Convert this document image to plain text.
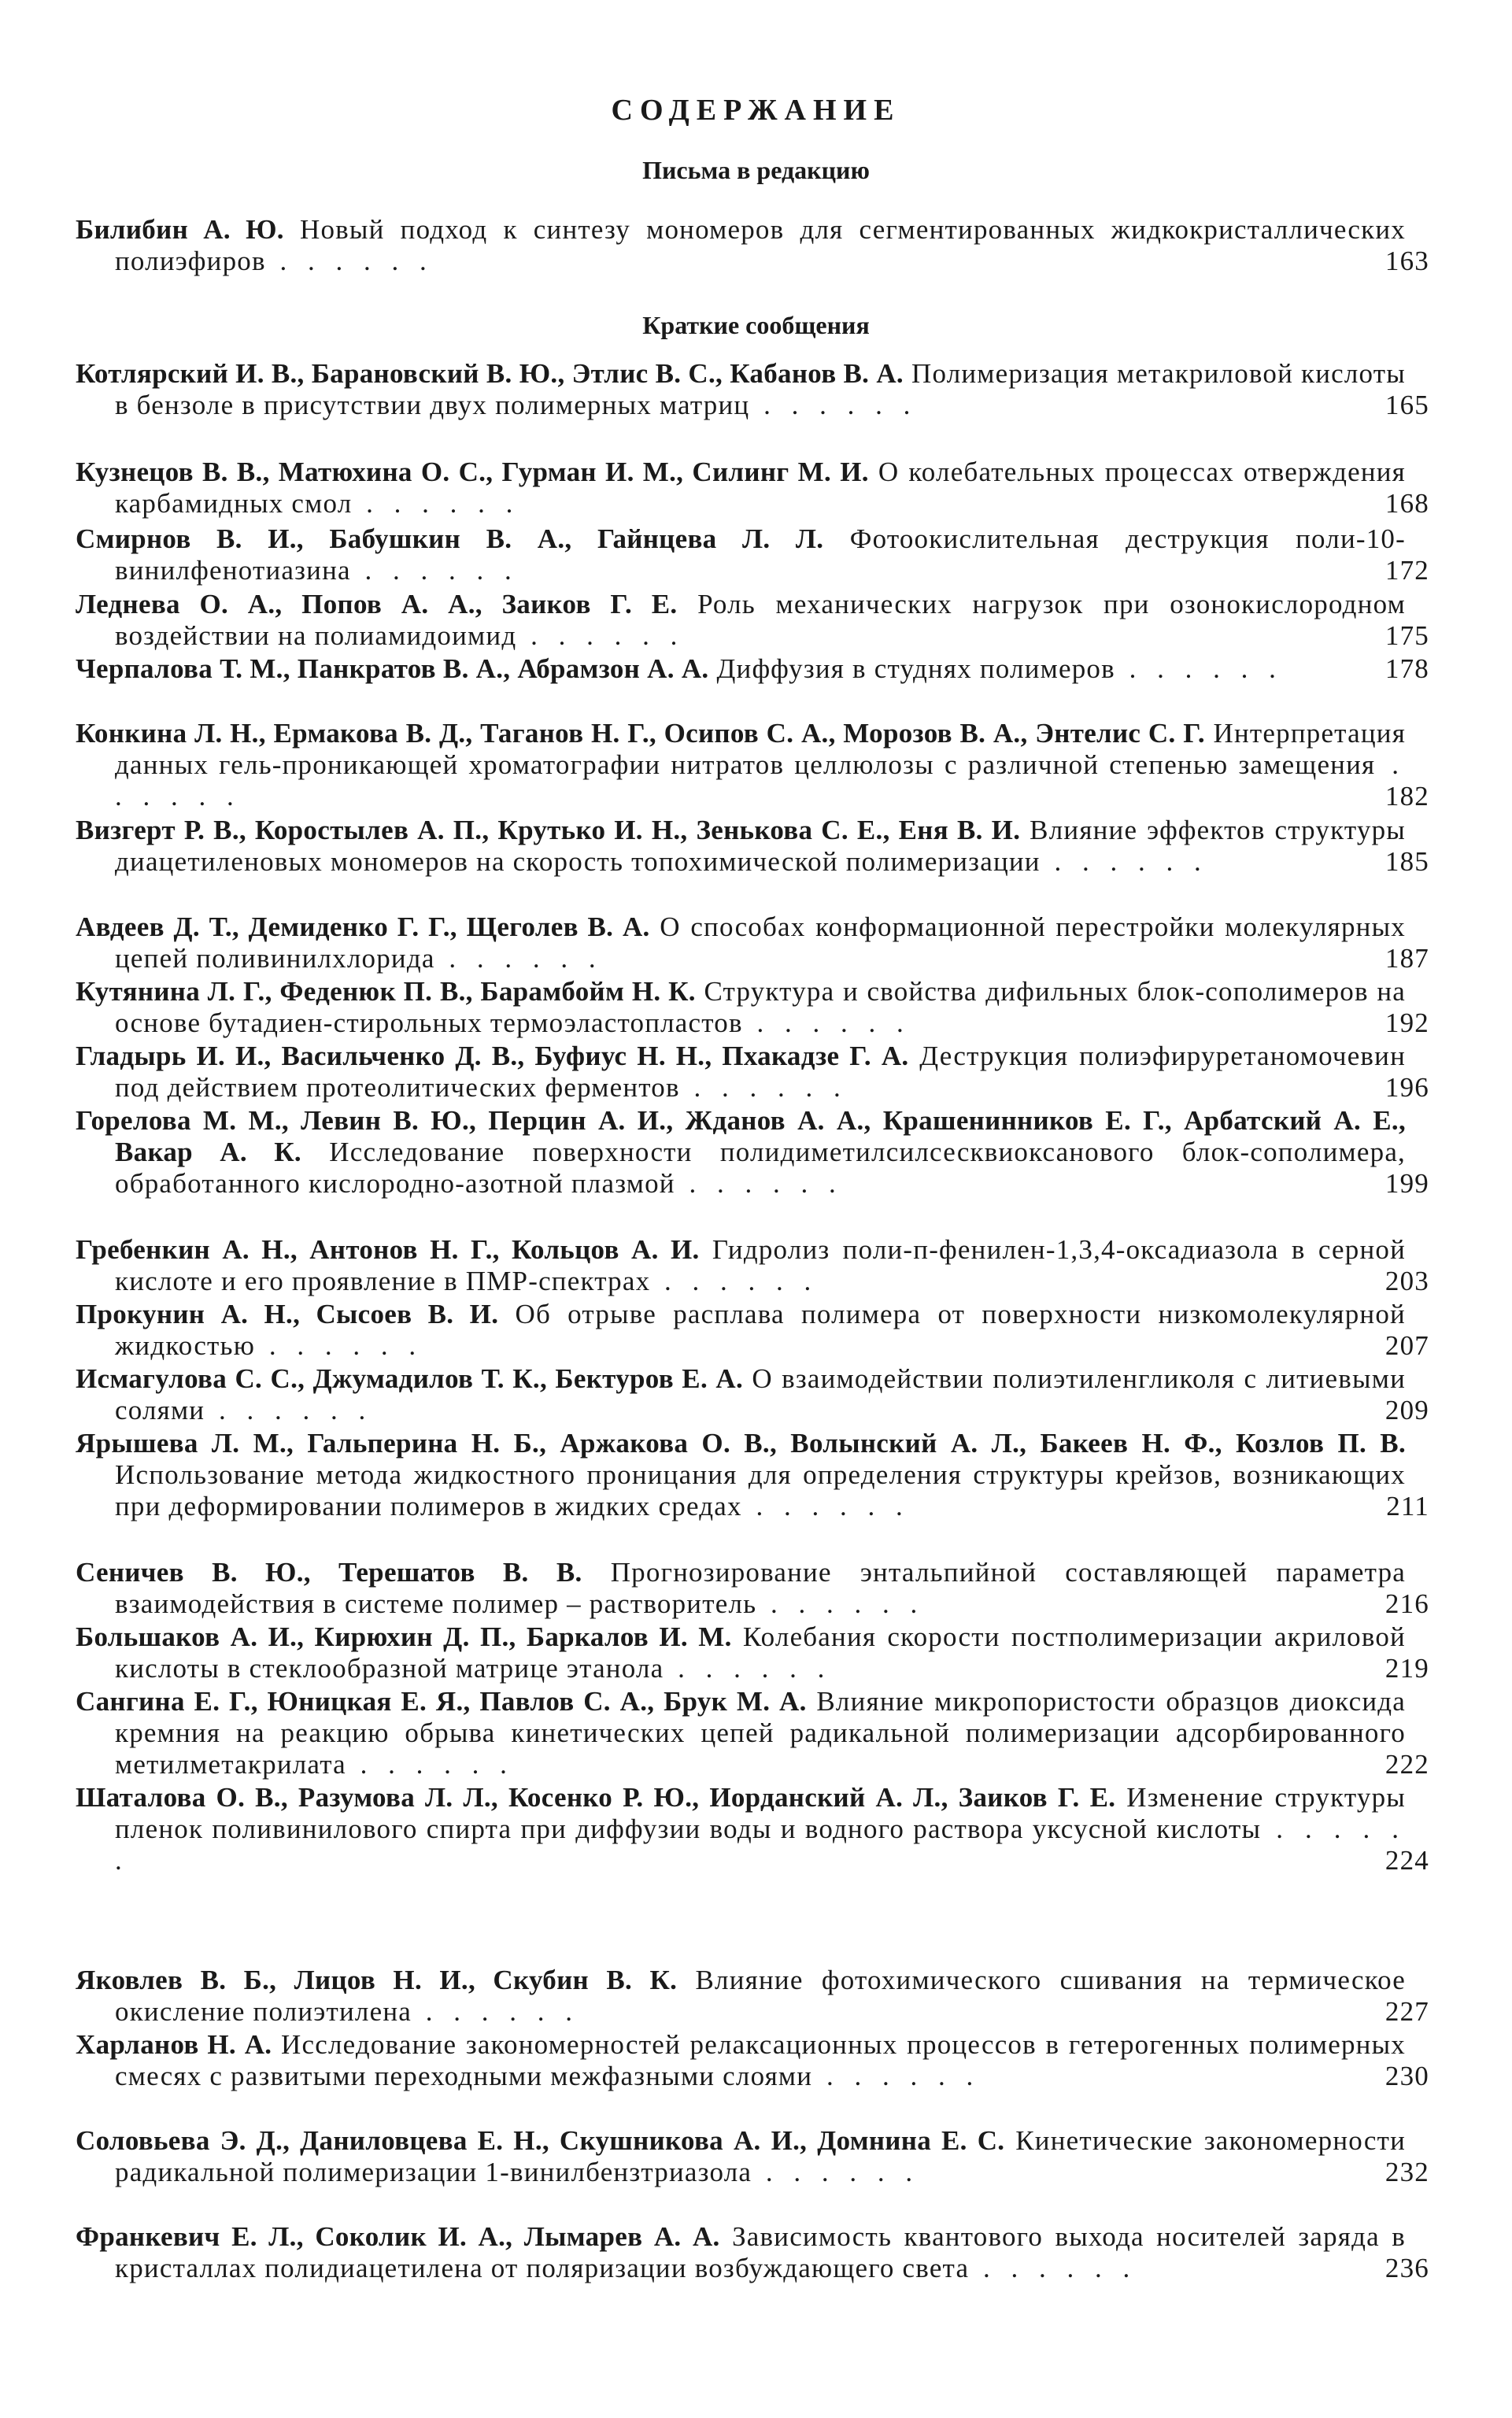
СОДЕРЖАНИЕ
Письма в редакцию
Краткие сообщения
Билибин А. Ю. Новый подход к синтезу мономеров для сегментированных жидкокристаллических полиэфиров . . . . . .	163
Котлярский И. В., Барановский В. Ю., Этлис В. С., Кабанов В. А. Полимеризация метакриловой кислоты в бензоле в присутствии двух полимерных матриц . . . . . .	165
Кузнецов В. В., Матюхина О. С., Гурман И. М., Силинг М. И. О колебательных процессах отверждения карбамидных смол . . . . . .	168
Смирнов В. И., Бабушкин В. А., Гайнцева Л. Л. Фотоокислительная деструкция поли-10-винилфенотиазина . . . . . .	172
Леднева О. А., Попов А. А., Заиков Г. Е. Роль механических нагрузок при озонокислородном воздействии на полиамидоимид . . . . . .	175
Черпалова Т. М., Панкратов В. А., Абрамзон А. А. Диффузия в студнях полимеров . . . . . .	178
Конкина Л. Н., Ермакова В. Д., Таганов Н. Г., Осипов С. А., Морозов В. А., Энтелис С. Г. Интерпретация данных гель-проникающей хроматографии нитратов целлюлозы с различной степенью замещения . . . . . .	182
Визгерт Р. В., Коростылев А. П., Крутько И. Н., Зенькова С. Е., Еня В. И. Влияние эффектов структуры диацетиленовых мономеров на скорость топохимической полимеризации . . . . . .	185
Авдеев Д. Т., Демиденко Г. Г., Щеголев В. А. О способах конформационной перестройки молекулярных цепей поливинилхлорида . . . . . .	187
Кутянина Л. Г., Феденюк П. В., Барамбойм Н. К. Структура и свойства дифильных блок-сополимеров на основе бутадиен-стирольных термоэластопластов . . . . . .	192
Гладырь И. И., Васильченко Д. В., Буфиус Н. Н., Пхакадзе Г. А. Деструкция полиэфируретаномочевин под действием протеолитических ферментов . . . . . .	196
Горелова М. М., Левин В. Ю., Перцин А. И., Жданов А. А., Крашенинников Е. Г., Арбатский А. Е., Вакар А. К. Исследование поверхности полидиметилсилсесквиоксанового блок-сополимера, обработанного кислородно-азотной плазмой . . . . . .	199
Гребенкин А. Н., Антонов Н. Г., Кольцов А. И. Гидролиз поли-п-фенилен-1,3,4-оксадиазола в серной кислоте и его проявление в ПМР-спектрах . . . . . .	203
Прокунин А. Н., Сысоев В. И. Об отрыве расплава полимера от поверхности низкомолекулярной жидкостью . . . . . .	207
Исмагулова С. С., Джумадилов Т. К., Бектуров Е. А. О взаимодействии полиэтиленгликоля с литиевыми солями . . . . . .	209
Ярышева Л. М., Гальперина Н. Б., Аржакова О. В., Волынский А. Л., Бакеев Н. Ф., Козлов П. В. Использование метода жидкостного проницания для определения структуры крейзов, возникающих при деформировании полимеров в жидких средах . . . . . .	211
Сеничев В. Ю., Терешатов В. В. Прогнозирование энтальпийной составляющей параметра взаимодействия в системе полимер – растворитель . . . . . .	216
Большаков А. И., Кирюхин Д. П., Баркалов И. М. Колебания скорости постполимеризации акриловой кислоты в стеклообразной матрице этанола . . . . . .	219
Сангина Е. Г., Юницкая Е. Я., Павлов С. А., Брук М. А. Влияние микропористости образцов диоксида кремния на реакцию обрыва кинетических цепей радикальной полимеризации адсорбированного метилметакрилата . . . . . .	222
Шаталова О. В., Разумова Л. Л., Косенко Р. Ю., Иорданский А. Л., Заиков Г. Е. Изменение структуры пленок поливинилового спирта при диффузии воды и водного раствора уксусной кислоты . . . . . .	224
Яковлев В. Б., Лицов Н. И., Скубин В. К. Влияние фотохимического сшивания на термическое окисление полиэтилена . . . . . .	227
Харланов Н. А. Исследование закономерностей релаксационных процессов в гетерогенных полимерных смесях с развитыми переходными межфазными слоями . . . . . .	230
Соловьева Э. Д., Даниловцева Е. Н., Скушникова А. И., Домнина Е. С. Кинетические закономерности радикальной полимеризации 1-винилбензтриазола . . . . . .	232
Франкевич Е. Л., Соколик И. А., Лымарев А. А. Зависимость квантового выхода носителей заряда в кристаллах полидиацетилена от поляризации возбуждающего света . . . . . .	236
